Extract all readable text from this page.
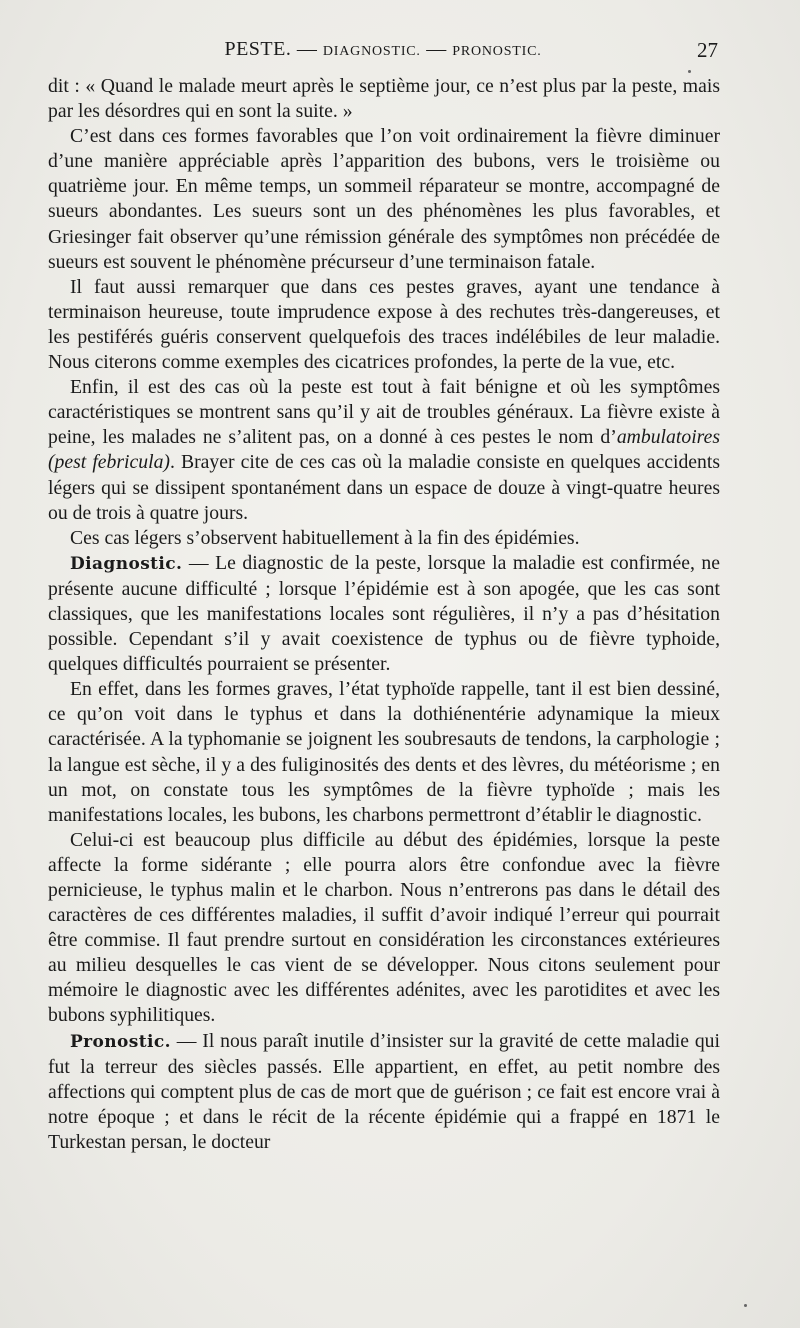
PESTE. — DIAGNOSTIC. — PRONOSTIC.	27

dit : « Quand le malade meurt après le septième jour, ce n’est plus par la peste, mais par les désordres qui en sont la suite. »

C’est dans ces formes favorables que l’on voit ordinairement la fièvre diminuer d’une manière appréciable après l’apparition des bubons, vers le troisième ou quatrième jour. En même temps, un sommeil réparateur se montre, accompagné de sueurs abondantes. Les sueurs sont un des phénomènes les plus favorables, et Griesinger fait observer qu’une rémission générale des symptômes non précédée de sueurs est souvent le phénomène précurseur d’une terminaison fatale.

Il faut aussi remarquer que dans ces pestes graves, ayant une tendance à terminaison heureuse, toute imprudence expose à des rechutes très-dangereuses, et les pestiférés guéris conservent quelquefois des traces indélébiles de leur maladie. Nous citerons comme exemples des cicatrices profondes, la perte de la vue, etc.

Enfin, il est des cas où la peste est tout à fait bénigne et où les symptômes caractéristiques se montrent sans qu’il y ait de troubles généraux. La fièvre existe à peine, les malades ne s’alitent pas, on a donné à ces pestes le nom d’ambulatoires (pest febricula). Brayer cite de ces cas où la maladie consiste en quelques accidents légers qui se dissipent spontanément dans un espace de douze à vingt-quatre heures ou de trois à quatre jours.

Ces cas légers s’observent habituellement à la fin des épidémies.

Diagnostic. — Le diagnostic de la peste, lorsque la maladie est confirmée, ne présente aucune difficulté ; lorsque l’épidémie est à son apogée, que les cas sont classiques, que les manifestations locales sont régulières, il n’y a pas d’hésitation possible. Cependant s’il y avait coexistence de typhus ou de fièvre typhoide, quelques difficultés pourraient se présenter.

En effet, dans les formes graves, l’état typhoïde rappelle, tant il est bien dessiné, ce qu’on voit dans le typhus et dans la dothiénentérie adynamique la mieux caractérisée. A la typhomanie se joignent les soubresauts de tendons, la carphologie ; la langue est sèche, il y a des fuliginosités des dents et des lèvres, du météorisme ; en un mot, on constate tous les symptômes de la fièvre typhoïde ; mais les manifestations locales, les bubons, les charbons permettront d’établir le diagnostic.

Celui-ci est beaucoup plus difficile au début des épidémies, lorsque la peste affecte la forme sidérante ; elle pourra alors être confondue avec la fièvre pernicieuse, le typhus malin et le charbon. Nous n’entrerons pas dans le détail des caractères de ces différentes maladies, il suffit d’avoir indiqué l’erreur qui pourrait être commise. Il faut prendre surtout en considération les circonstances extérieures au milieu desquelles le cas vient de se développer. Nous citons seulement pour mémoire le diagnostic avec les différentes adénites, avec les parotidites et avec les bubons syphilitiques.

Pronostic. — Il nous paraît inutile d’insister sur la gravité de cette maladie qui fut la terreur des siècles passés. Elle appartient, en effet, au petit nombre des affections qui comptent plus de cas de mort que de guérison ; ce fait est encore vrai à notre époque ; et dans le récit de la récente épidémie qui a frappé en 1871 le Turkestan persan, le docteur
